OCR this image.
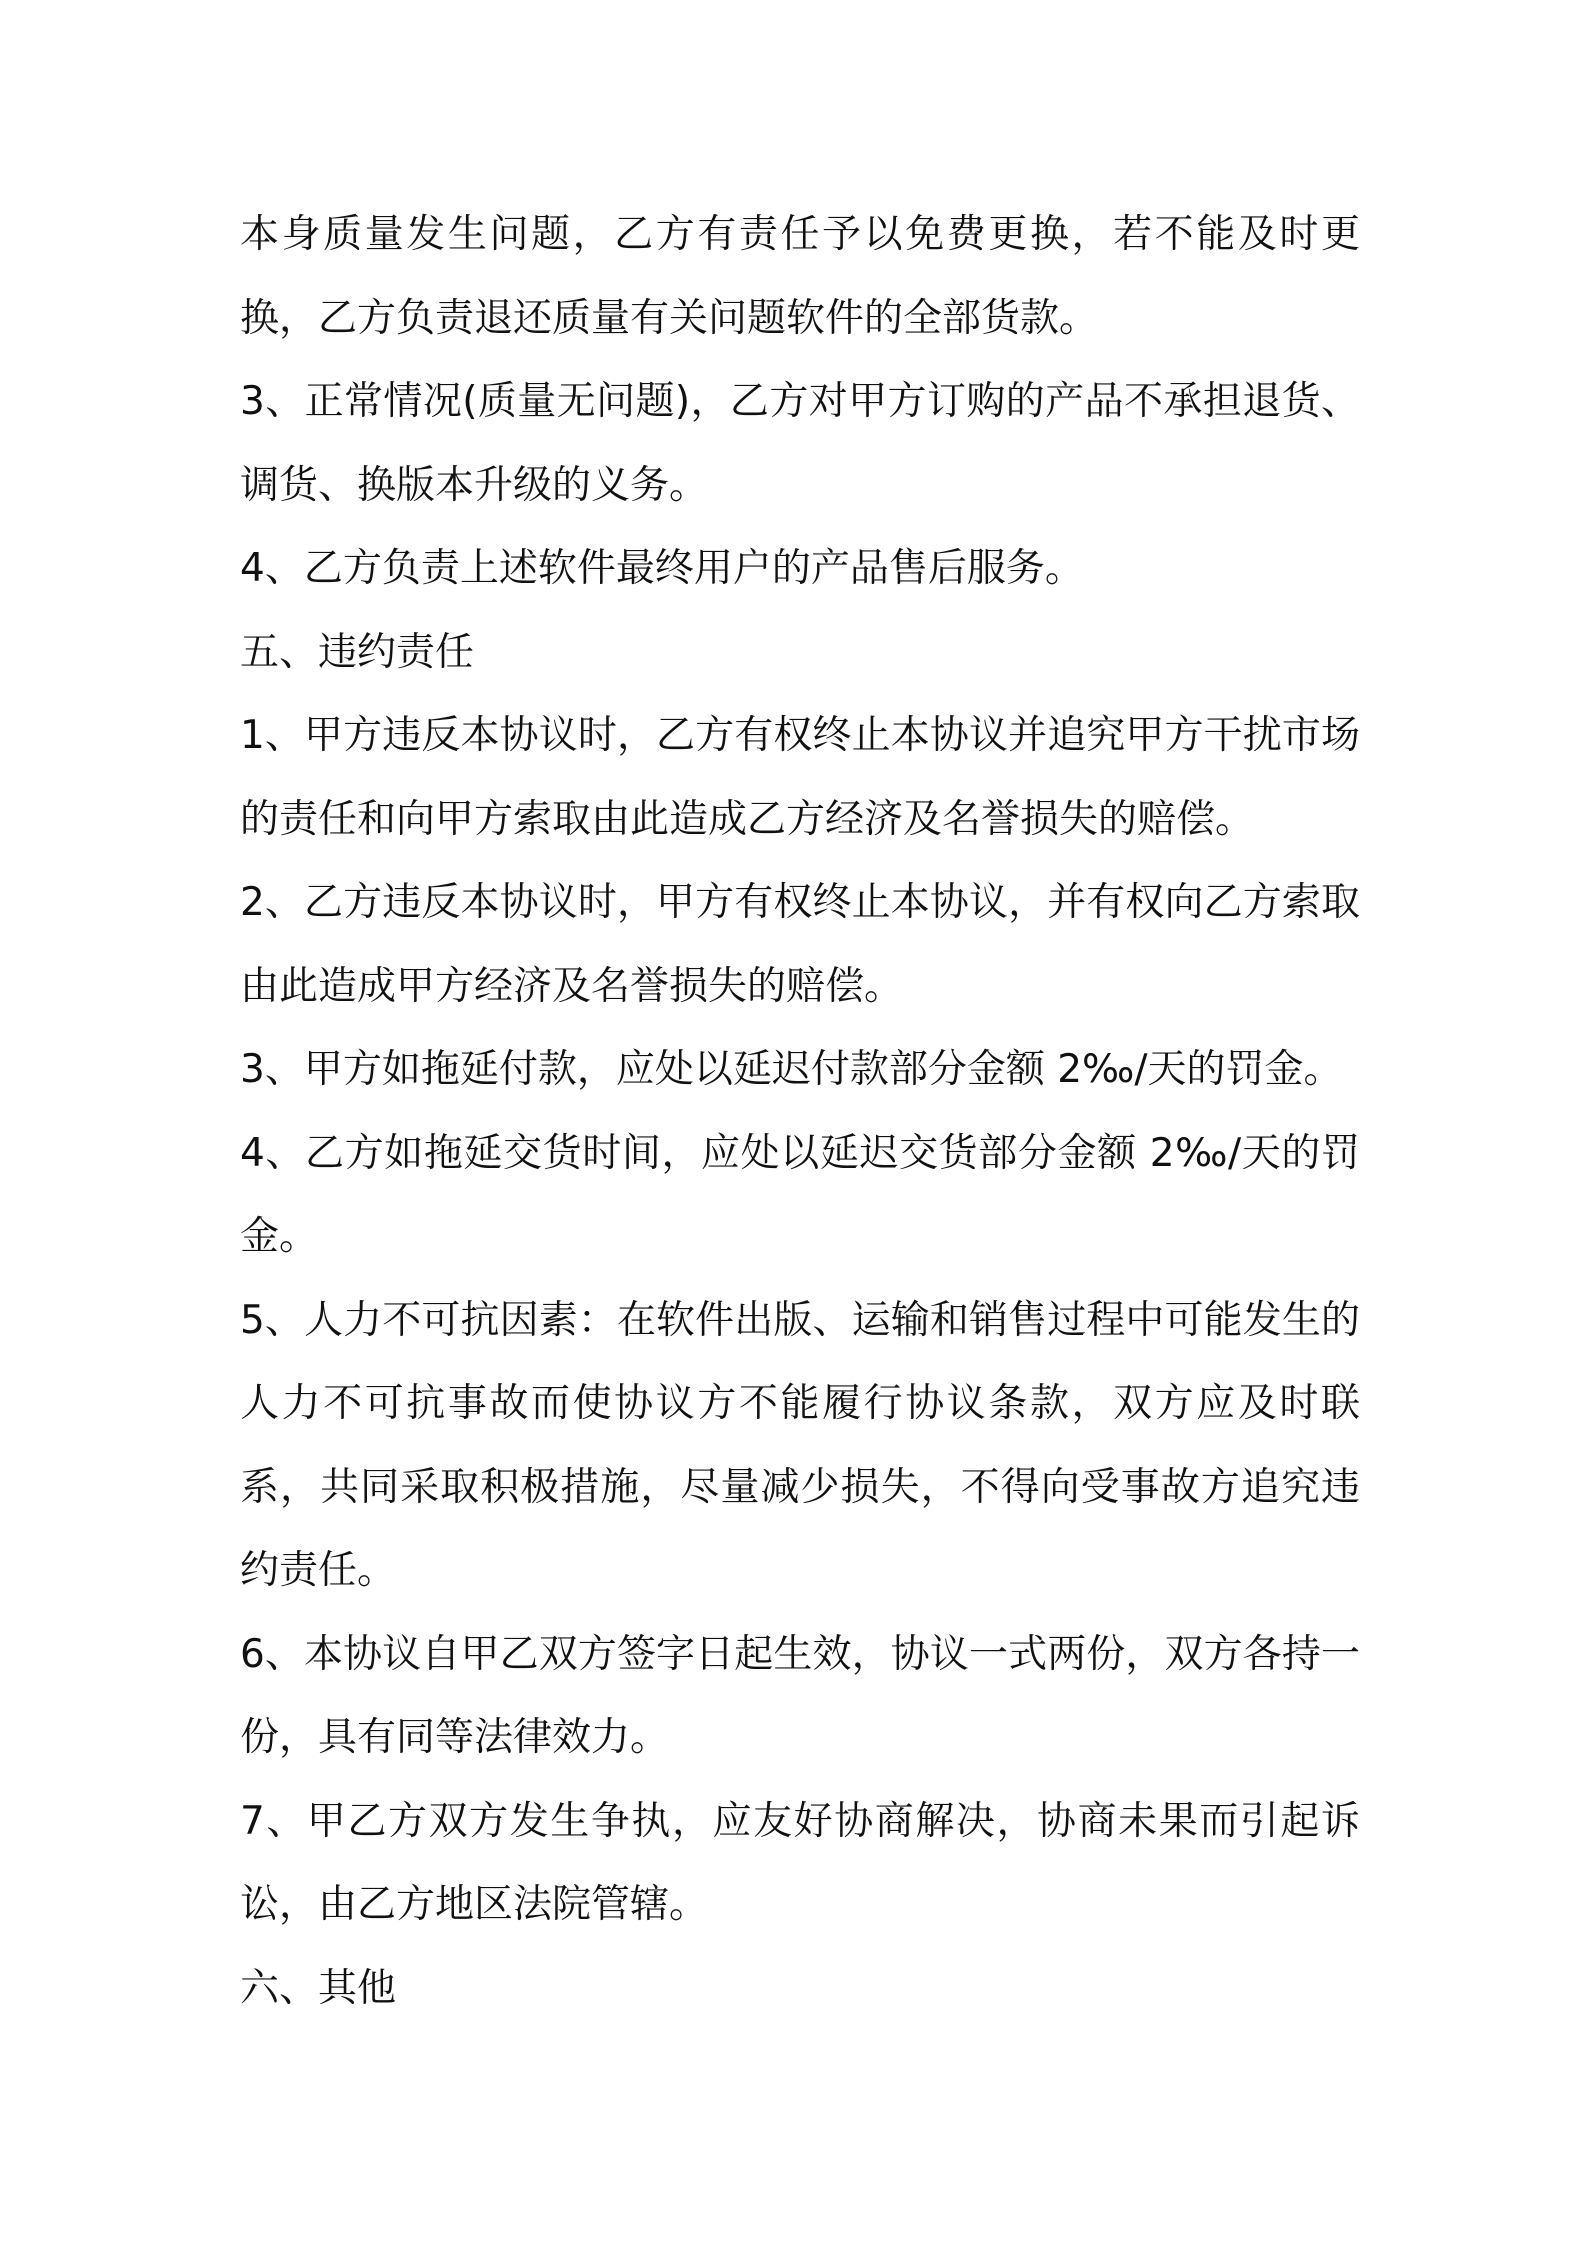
本身质量发生问题，乙方有责任予以免费更换，若不能及时更换，乙方负责退还质量有关问题软件的全部货款。

3、正常情况(质量无问题)，乙方对甲方订购的产品不承担退货、调货、换版本升级的义务。

4、乙方负责上述软件最终用户的产品售后服务。

五、违约责任

1、甲方违反本协议时，乙方有权终止本协议并追究甲方干扰市场的责任和向甲方索取由此造成乙方经济及名誉损失的赔偿。

2、乙方违反本协议时，甲方有权终止本协议，并有权向乙方索取由此造成甲方经济及名誉损失的赔偿。

3、甲方如拖延付款，应处以延迟付款部分金额 2‰/天的罚金。

4、乙方如拖延交货时间，应处以延迟交货部分金额 2‰/天的罚金。

5、人力不可抗因素：在软件出版、运输和销售过程中可能发生的人力不可抗事故而使协议方不能履行协议条款，双方应及时联系，共同采取积极措施，尽量减少损失，不得向受事故方追究违约责任。

6、本协议自甲乙双方签字日起生效，协议一式两份，双方各持一份，具有同等法律效力。

7、甲乙方双方发生争执，应友好协商解决，协商未果而引起诉讼，由乙方地区法院管辖。

六、其他
